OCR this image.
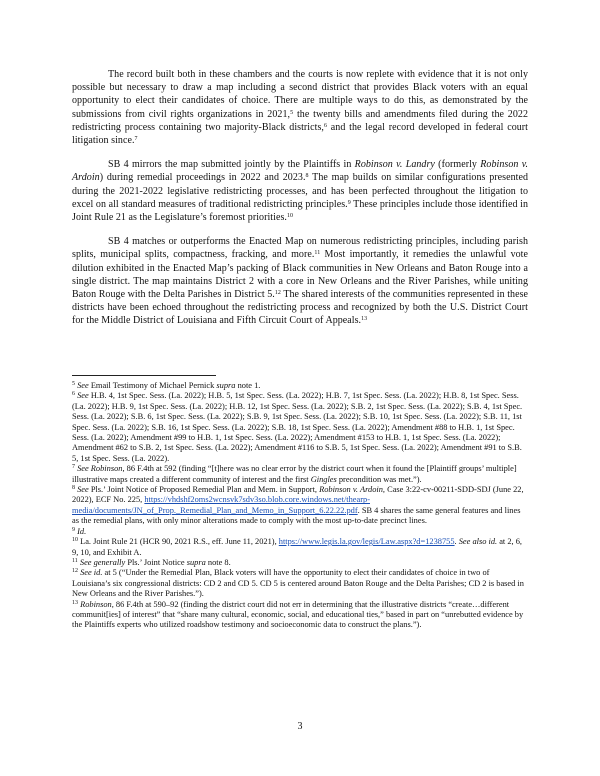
The record built both in these chambers and the courts is now replete with evidence that it is not only possible but necessary to draw a map including a second district that provides Black voters with an equal opportunity to elect their candidates of choice. There are multiple ways to do this, as demonstrated by the submissions from civil rights organizations in 2021,$^5$ the twenty bills and amendments filed during the 2022 redistricting process containing two majority-Black districts,$^6$ and the legal record developed in federal court litigation since.$^7$

SB 4 mirrors the map submitted jointly by the Plaintiffs in Robinson v. Landry (formerly Robinson v. Ardoin) during remedial proceedings in 2022 and 2023.$^8$ The map builds on similar configurations presented during the 2021-2022 legislative redistricting processes, and has been perfected throughout the litigation to excel on all standard measures of traditional redistricting principles.$^9$ These principles include those identified in Joint Rule 21 as the Legislature’s foremost priorities.$^{10}$

SB 4 matches or outperforms the Enacted Map on numerous redistricting principles, including parish splits, municipal splits, compactness, fracking, and more.$^{11}$ Most importantly, it remedies the unlawful vote dilution exhibited in the Enacted Map’s packing of Black communities in New Orleans and Baton Rouge into a single district. The map maintains District 2 with a core in New Orleans and the River Parishes, while uniting Baton Rouge with the Delta Parishes in District 5.12 The shared interests of the communities represented in these districts have been echoed throughout the redistricting process and recognized by both the U.S. District Court for the Middle District of Louisiana and Fifth Circuit Court of Appeals.$^{13}$

$^5$ See Email Testimony of Michael Pernick supra note 1.

$^6$ See H.B. 4, 1st Spec. Sess. (La. 2022); H.B. 5, 1st Spec. Sess. (La. 2022); H.B. 7, 1st Spec. Sess. (La. 2022); H.B. 8, 1st Spec. Sess. (La. 2022); H.B. 9, 1st Spec. Sess. (La. 2022); H.B. 12, 1st Spec. Sess. (La. 2022); S.B. 2, 1st Spec. Sess. (La. 2022); S.B. 4, 1st Spec. Sess. (La. 2022); S.B. 6, 1st Spec. Sess. (La. 2022); S.B. 9, 1st Spec. Sess. (La. 2022); S.B. 10, 1st Spec. Sess. (La. 2022); S.B. 11, 1st Spec. Sess. (La. 2022); S.B. 16, 1st Spec. Sess. (La. 2022); S.B. 18, 1st Spec. Sess. (La. 2022); Amendment #88 to H.B. 1, 1st Spec. Sess. (La. 2022); Amendment #99 to H.B. 1, 1st Spec. Sess. (La. 2022); Amendment #153 to H.B. 1, 1st Spec. Sess. (La. 2022); Amendment #62 to S.B. 2, 1st Spec. Sess. (La. 2022); Amendment #116 to S.B. 5, 1st Spec. Sess. (La. 2022); Amendment #91 to S.B. 5, 1st Spec. Sess. (La. 2022).

$^7$ See Robinson, 86 F.4th at 592 (finding “[t]here was no clear error by the district court when it found the [Plaintiff groups’ multiple] illustrative maps created a different community of interest and the first Gingles precondition was met.”).

$^8$ See Pls.’ Joint Notice of Proposed Remedial Plan and Mem. in Support, Robinson v. Ardoin, Case 3:22-cv-00211-SDD-SDJ (June 22, 2022), ECF No. 225, https://vhdshf2oms2wcnsvk7sdv3so.blob.core.windows.net/thearp-media/documents/JN_of_Prop._Remedial_Plan_and_Memo_in_Support_6.22.22.pdf. SB 4 shares the same general features and lines as the remedial plans, with only minor alterations made to comply with the most up-to-date precinct lines.

$^9$ Id.

$^{10}$ La. Joint Rule 21 (HCR 90, 2021 R.S., eff. June 11, 2021), https://www.legis.la.gov/legis/Law.aspx?d=1238755. See also id. at 2, 6, 9, 10, and Exhibit A.

$^{11}$ See generally Pls.’ Joint Notice supra note 8.

$^{12}$ See id. at 5 (“Under the Remedial Plan, Black voters will have the opportunity to elect their candidates of choice in two of Louisiana’s six congressional districts: CD 2 and CD 5. CD 5 is centered around Baton Rouge and the Delta Parishes; CD 2 is based in New Orleans and the River Parishes.”).

$^{13}$ Robinson, 86 F.4th at 590–92 (finding the district court did not err in determining that the illustrative districts “create…different communit[ies] of interest” that “share many cultural, economic, social, and educational ties,” based in part on “unrebutted evidence by the Plaintiffs experts who utilized roadshow testimony and socioeconomic data to construct the plans.”).

3
